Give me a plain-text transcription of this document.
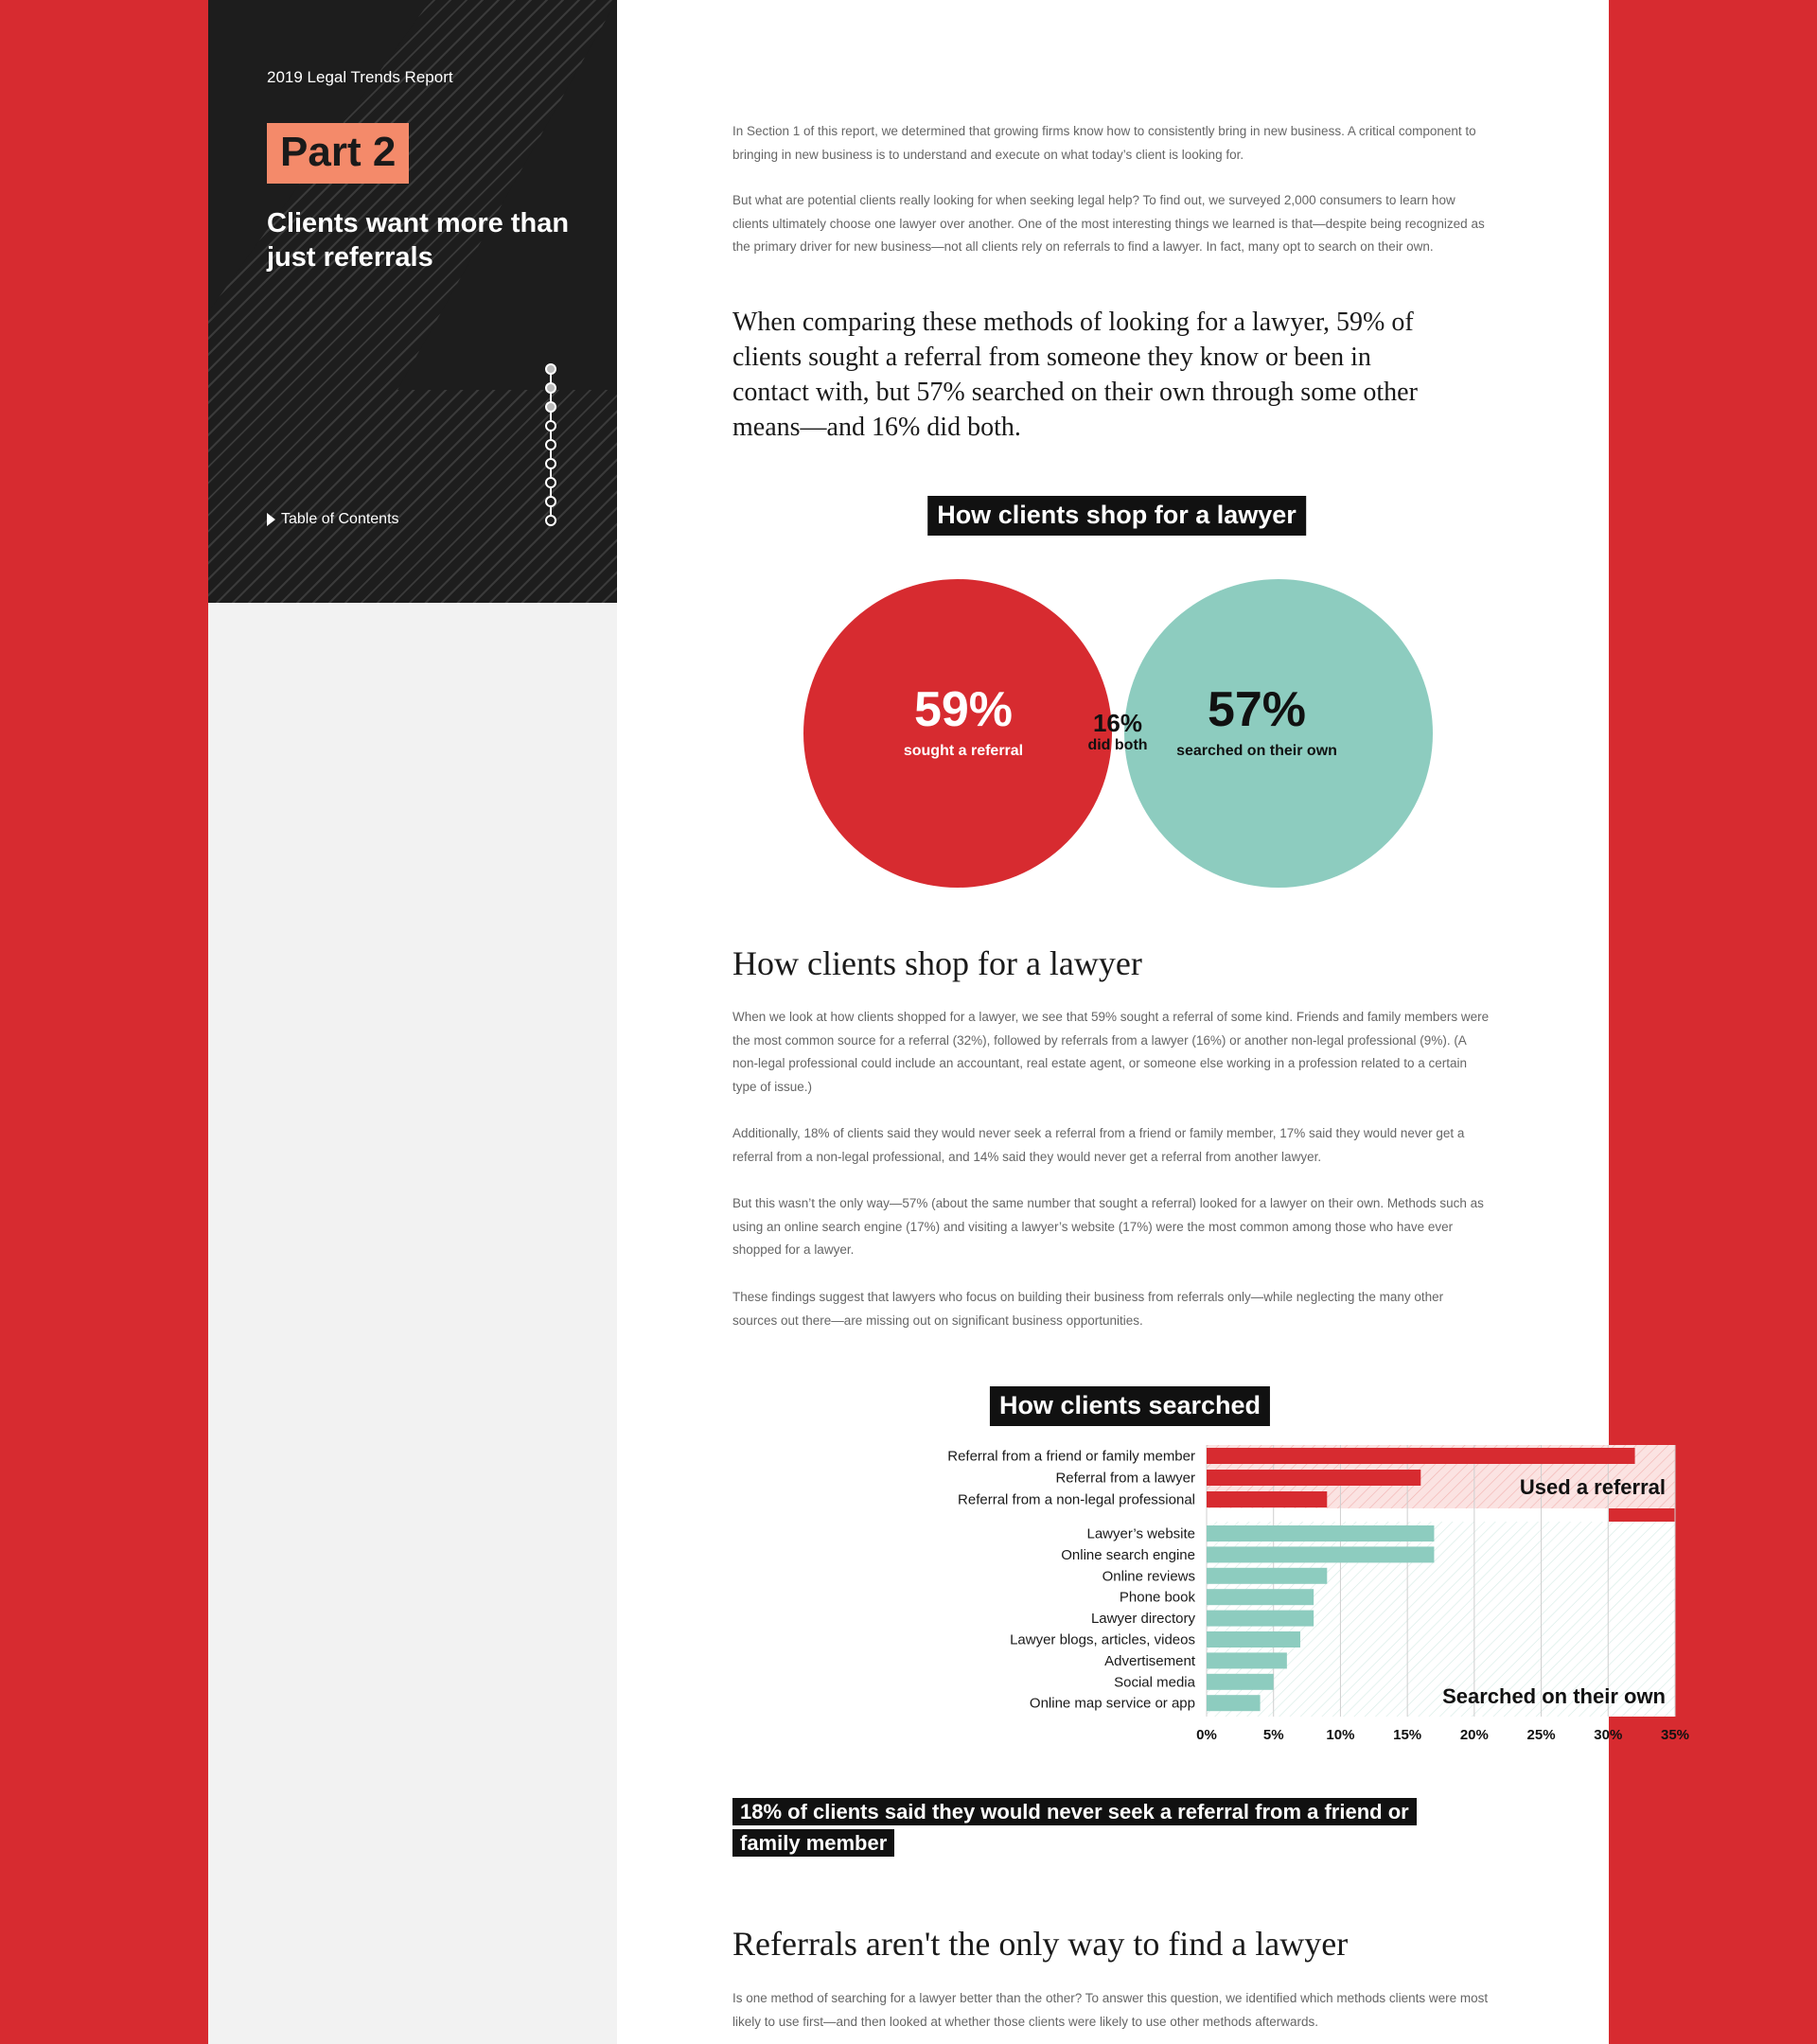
2019 Legal Trends Report
Part 2
Clients want more than just referrals
Table of Contents

In Section 1 of this report, we determined that growing firms know how to consistently bring in new business. A critical component to bringing in new business is to understand and execute on what today’s client is looking for.

But what are potential clients really looking for when seeking legal help? To find out, we surveyed 2,000 consumers to learn how clients ultimately choose one lawyer over another. One of the most interesting things we learned is that—despite being recognized as the primary driver for new business—not all clients rely on referrals to find a lawyer. In fact, many opt to search on their own.

When comparing these methods of looking for a lawyer, 59% of clients sought a referral from someone they know or been in contact with, but 57% searched on their own through some other means—and 16% did both.

How clients shop for a lawyer
59%
sought a referral
16%
did both
57%
searched on their own
How clients shop for a lawyer

When we look at how clients shopped for a lawyer, we see that 59% sought a referral of some kind. Friends and family members were the most common source for a referral (32%), followed by referrals from a lawyer (16%) or another non-legal professional (9%). (A non-legal professional could include an accountant, real estate agent, or someone else working in a profession related to a certain type of issue.)

Additionally, 18% of clients said they would never seek a referral from a friend or family member, 17% said they would never get a referral from a non-legal professional, and 14% said they would never get a referral from another lawyer.

But this wasn’t the only way—57% (about the same number that sought a referral) looked for a lawyer on their own. Methods such as using an online search engine (17%) and visiting a lawyer’s website (17%) were the most common among those who have ever shopped for a lawyer.

These findings suggest that lawyers who focus on building their business from referrals only—while neglecting the many other sources out there—are missing out on significant business opportunities.

How clients searched
Referral from a friend or family member
Referral from a lawyer
Referral from a non-legal professional
Used a referral
Lawyer’s website
Online search engine
Online reviews
Phone book
Lawyer directory
Lawyer blogs, articles, videos
Advertisement
Social media
Online map service or app	Searched on their own
0%	5%	10%	15%	20%	25%	30%	35%

18% of clients said they would never seek a referral from a friend or family member

Referrals aren't the only way to find a lawyer

Is one method of searching for a lawyer better than the other? To answer this question, we identified which methods clients were most likely to use first—and then looked at whether those clients were likely to use other methods afterwards.
